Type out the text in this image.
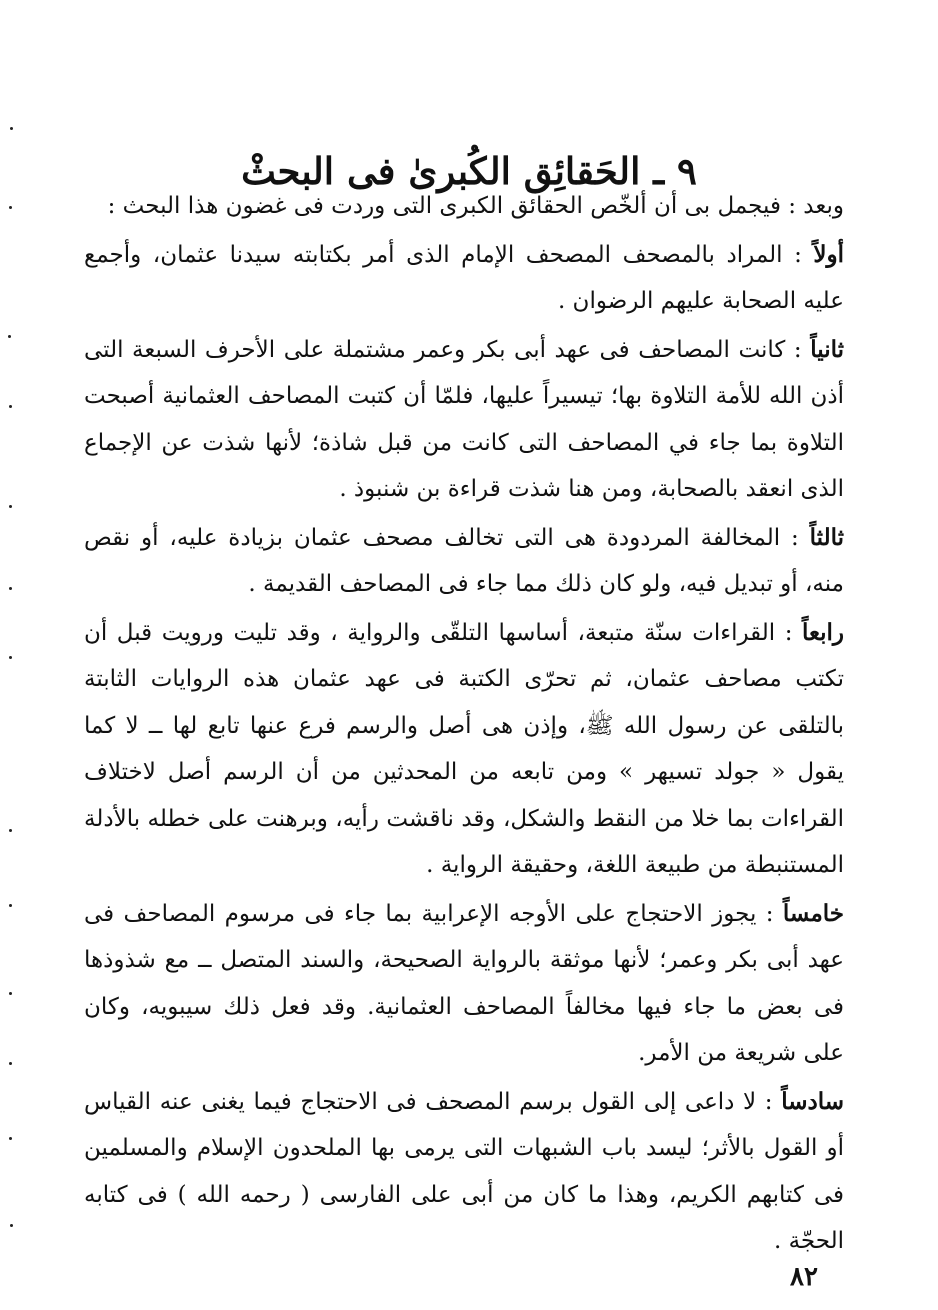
٩ ـ الحَقائِق الكُبرىٰ فى البحثْ

وبعد : فيجمل بى أن ألخّص الحقائق الكبرى التى وردت فى غضون هذا البحث :

أولاً : المراد بالمصحف المصحف الإمام الذى أمر بكتابته سيدنا عثمان، وأجمع عليه الصحابة عليهم الرضوان .

ثانياً : كانت المصاحف فى عهد أبى بكر وعمر مشتملة على الأحرف السبعة التى أذن الله للأمة التلاوة بها؛ تيسيراً عليها، فلمّا أن كتبت المصاحف العثمانية أصبحت التلاوة بما جاء في المصاحف التى كانت من قبل شاذة؛ لأنها شذت عن الإجماع الذى انعقد بالصحابة، ومن هنا شذت قراءة بن شنبوذ .

ثالثاً : المخالفة المردودة هى التى تخالف مصحف عثمان بزيادة عليه، أو نقص منه، أو تبديل فيه، ولو كان ذلك مما جاء فى المصاحف القديمة .

رابعاً : القراءات سنّة متبعة، أساسها التلقّى والرواية ، وقد تليت ورويت قبل أن تكتب مصاحف عثمان، ثم تحرّى الكتبة فى عهد عثمان هذه الروايات الثابتة بالتلقى عن رسول الله ﷺ، وإذن هى أصل والرسم فرع عنها تابع لها ــ لا كما يقول « جولد تسيهر » ومن تابعه من المحدثين من أن الرسم أصل لاختلاف القراءات بما خلا من النقط والشكل، وقد ناقشت رأيه، وبرهنت على خطله بالأدلة المستنبطة من طبيعة اللغة، وحقيقة الرواية .

خامساً : يجوز الاحتجاج على الأوجه الإعرابية بما جاء فى مرسوم المصاحف فى عهد أبى بكر وعمر؛ لأنها موثقة بالرواية الصحيحة، والسند المتصل ــ مع شذوذها فى بعض ما جاء فيها مخالفاً المصاحف العثمانية. وقد فعل ذلك سيبويه، وكان على شريعة من الأمر.

سادساً : لا داعى إلى القول برسم المصحف فى الاحتجاج فيما يغنى عنه القياس أو القول بالأثر؛ ليسد باب الشبهات التى يرمى بها الملحدون الإسلام والمسلمين فى كتابهم الكريم، وهذا ما كان من أبى على الفارسى ( رحمه الله ) فى كتابه الحجّة .

٨٢
